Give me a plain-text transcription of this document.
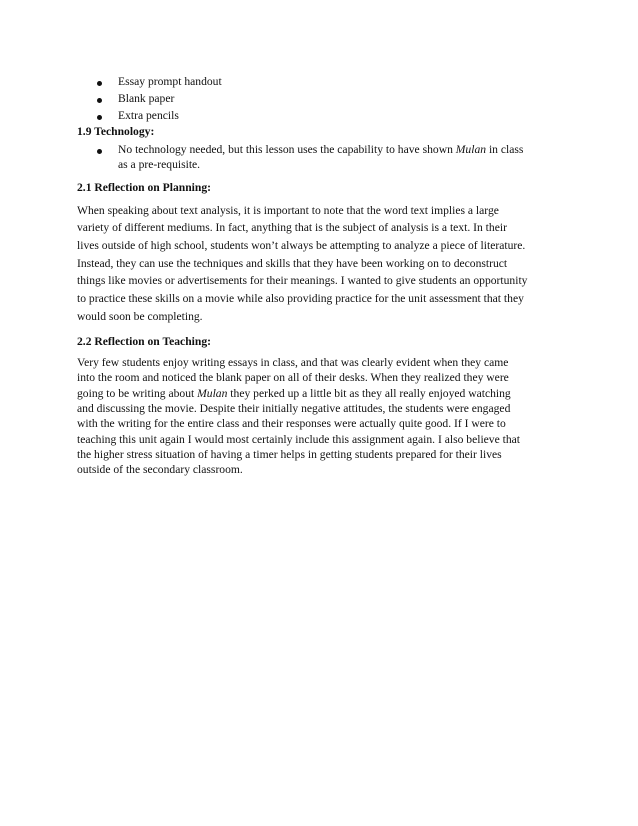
Essay prompt handout
Blank paper
Extra pencils

1.9 Technology:

No technology needed, but this lesson uses the capability to have shown Mulan in class
as a pre-requisite.

2.1 Reflection on Planning:

When speaking about text analysis, it is important to note that the word text implies a large
variety of different mediums. In fact, anything that is the subject of analysis is a text. In their
lives outside of high school, students won’t always be attempting to analyze a piece of literature.
Instead, they can use the techniques and skills that they have been working on to deconstruct
things like movies or advertisements for their meanings. I wanted to give students an opportunity
to practice these skills on a movie while also providing practice for the unit assessment that they
would soon be completing.

2.2 Reflection on Teaching:

Very few students enjoy writing essays in class, and that was clearly evident when they came
into the room and noticed the blank paper on all of their desks. When they realized they were
going to be writing about Mulan they perked up a little bit as they all really enjoyed watching
and discussing the movie. Despite their initially negative attitudes, the students were engaged
with the writing for the entire class and their responses were actually quite good. If I were to
teaching this unit again I would most certainly include this assignment again. I also believe that
the higher stress situation of having a timer helps in getting students prepared for their lives
outside of the secondary classroom.
